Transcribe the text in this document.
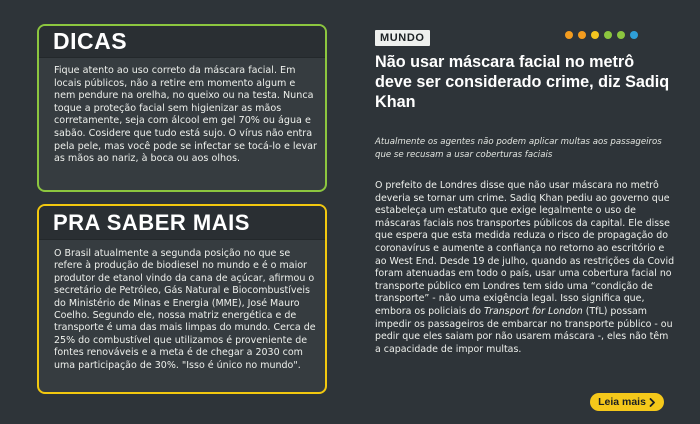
DICAS

Fique atento ao uso correto da máscara facial. Em locais públicos, não a retire em momento algum e nem pendure na orelha, no queixo ou na testa. Nunca toque a proteção facial sem higienizar as mãos corretamente, seja com álcool em gel 70% ou água e sabão. Cosidere que tudo está sujo. O vírus não entra pela pele, mas você pode se infectar se tocá-lo e levar as mãos ao nariz, à boca ou aos olhos.

PRA SABER MAIS

O Brasil atualmente a segunda posição no que se refere à produção de biodiesel no mundo e é o maior produtor de etanol vindo da cana de açúcar, afirmou o secretário de Petróleo, Gás Natural e Biocombustíveis do Ministério de Minas e Energia (MME), José Mauro Coelho. Segundo ele, nossa matriz energética e de transporte é uma das mais limpas do mundo. Cerca de 25% do combustível que utilizamos é proveniente de fontes renováveis e a meta é de chegar a 2030 com uma participação de 30%. "Isso é único no mundo".

MUNDO
Não usar máscara facial no metrô deve ser considerado crime, diz Sadiq Khan

Atualmente os agentes não podem aplicar multas aos passageiros que se recusam a usar coberturas faciais

O prefeito de Londres disse que não usar máscara no metrô deveria se tornar um crime. Sadiq Khan pediu ao governo que estabeleça um estatuto que exige legalmente o uso de máscaras faciais nos transportes públicos da capital. Ele disse que espera que esta medida reduza o risco de propagação do coronavírus e aumente a confiança no retorno ao escritório e ao West End. Desde 19 de julho, quando as restrições da Covid foram atenuadas em todo o país, usar uma cobertura facial no transporte público em Londres tem sido uma “condição de transporte” - não uma exigência legal. Isso significa que, embora os policiais do Transport for London (TfL) possam impedir os passageiros de embarcar no transporte público - ou pedir que eles saiam por não usarem máscara -, eles não têm a capacidade de impor multas.

Leia mais
